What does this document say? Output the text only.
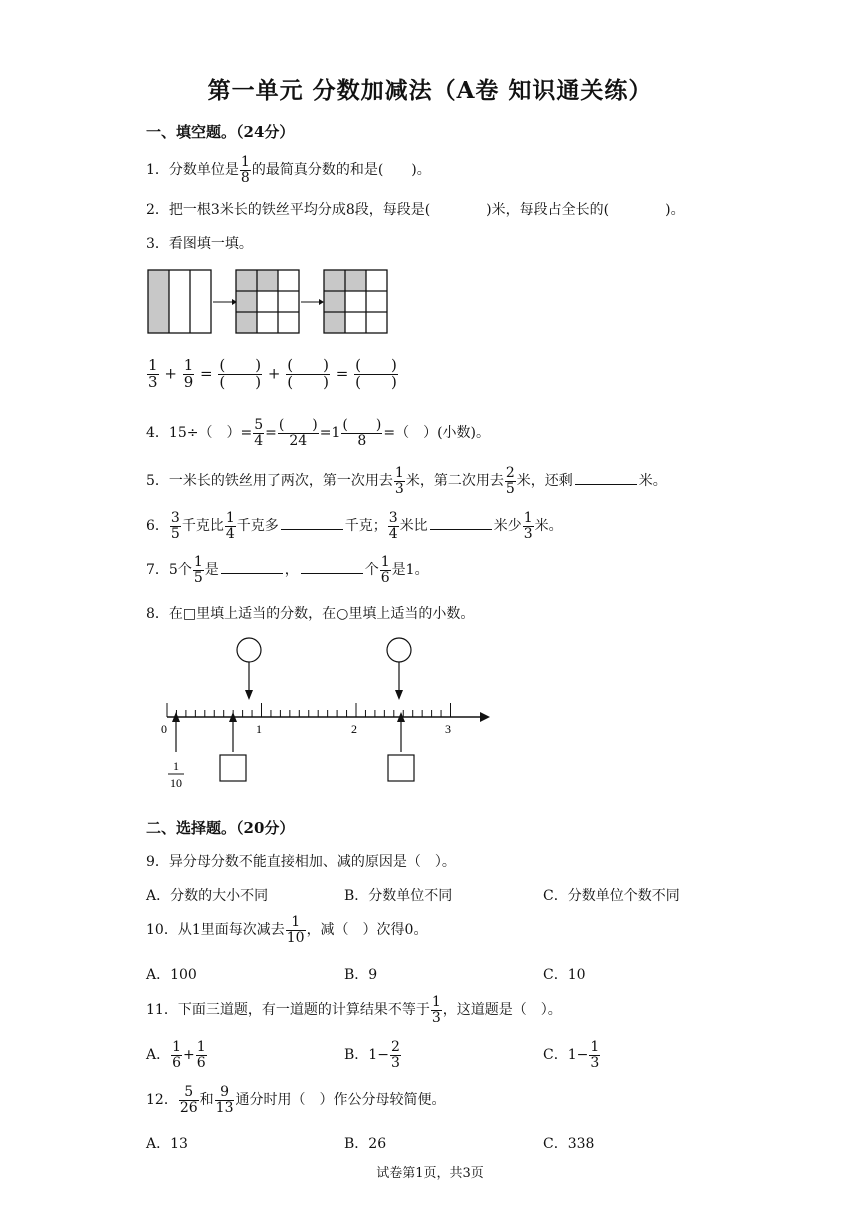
第一单元 分数加减法（A卷 知识通关练）
一、填空题。（24分）
1．分数单位是 $\frac{1}{8}$ 的最简真分数的和是(　　)。
2．把一根3米长的铁丝平均分成8段，每段是(　　　　)米，每段占全长的(　　　　)。
3．看图填一填。
$\frac{1}{3} + \frac{1}{9} = \frac{( )}{( )} + \frac{( )}{( )} = \frac{( )}{( )}$
4．15÷（　）= $\frac{5}{4} = \frac{( )}{24} =1 \frac{( )}{8}$ =（　）(小数)。
5．一米长的铁丝用了两次，第一次用去 $\frac{1}{3}$ 米，第二次用去 $\frac{2}{5}$ 米，还剩	米。
6． $\frac{3}{5}$ 千克比 $\frac{1}{4}$ 千克多	千克； $\frac{3}{4}$ 米比	米少 $\frac{1}{3}$ 米。
7．5个 $\frac{1}{5}$ 是	，	个 $\frac{1}{6}$ 是1。
8．在□里填上适当的分数，在○里填上适当的小数。
0	1	2	3
1
10
二、选择题。（20分）
9．异分母分数不能直接相加、减的原因是（　）。
A．分数的大小不同	B．分数单位不同	C．分数单位个数不同
10．从1里面每次减去 $\frac{1}{10}$ ，减（　）次得0。
A．100	B．9	C．10
11．下面三道题，有一道题的计算结果不等于 $\frac{1}{3}$ ，这道题是（　）。
A． $\frac{1}{6} + \frac{1}{6}$	B．$1- \frac{2}{3}$	C．$1- \frac{1}{3}$
12． $\frac{5}{26}$ 和 $\frac{9}{13}$ 通分时用（　）作公分母较简便。
A．13	B．26	C．338
试卷第1页，共3页
